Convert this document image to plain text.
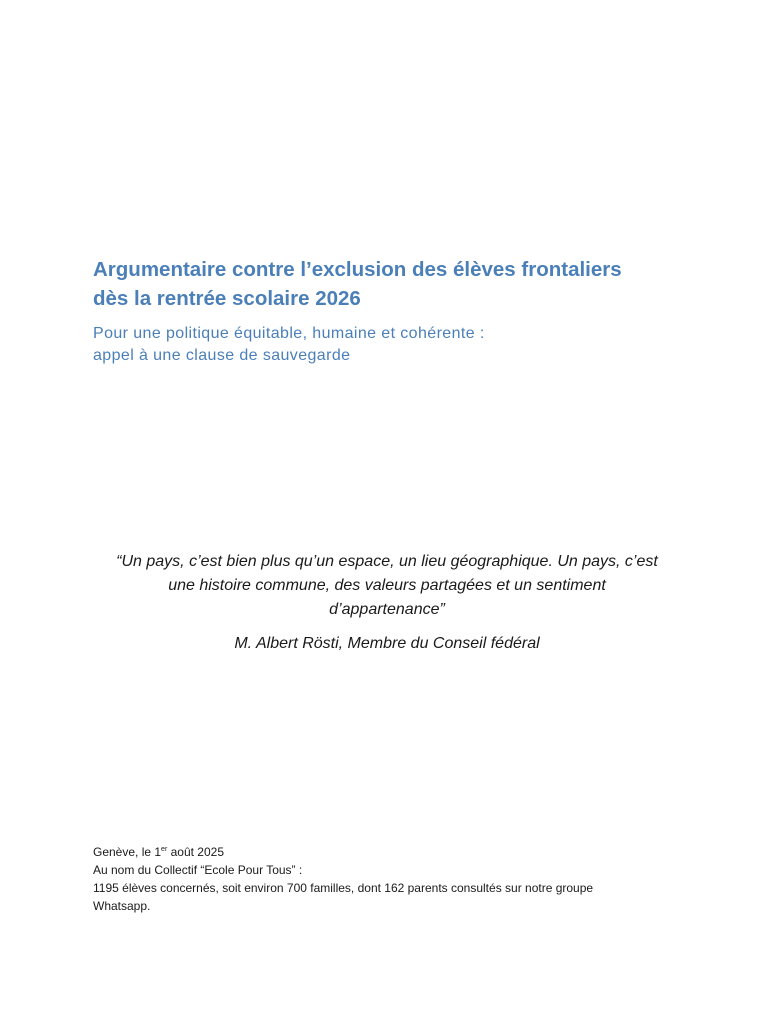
Argumentaire contre l’exclusion des élèves frontaliers
dès la rentrée scolaire 2026

Pour une politique équitable, humaine et cohérente :
appel à une clause de sauvegarde

“Un pays, c’est bien plus qu’un espace, un lieu géographique. Un pays, c’est
une histoire commune, des valeurs partagées et un sentiment
d’appartenance”

M. Albert Rösti, Membre du Conseil fédéral

Genève, le 1er août 2025

Au nom du Collectif “Ecole Pour Tous” :

1195 élèves concernés, soit environ 700 familles, dont 162 parents consultés sur notre groupe

Whatsapp.
